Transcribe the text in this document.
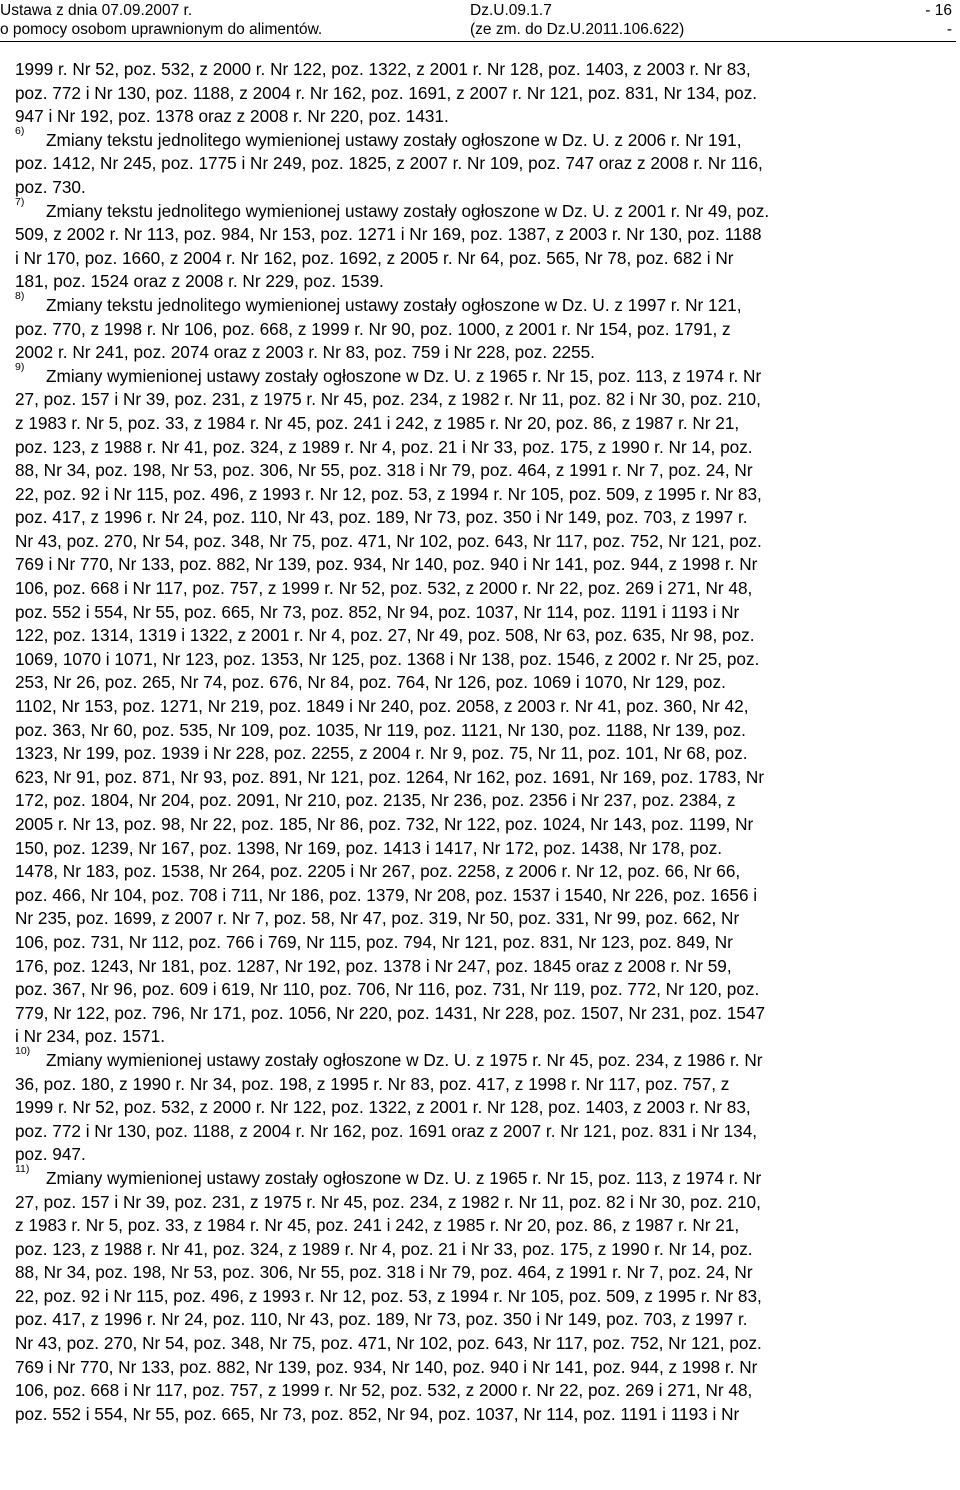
Ustawa z dnia 07.09.2007 r.
o pomocy osobom uprawnionym do alimentów.
Dz.U.09.1.7
(ze zm. do Dz.U.2011.106.622)
- 16
-
1999 r. Nr 52, poz. 532, z 2000 r. Nr 122, poz. 1322, z 2001 r. Nr 128, poz. 1403, z 2003 r. Nr 83,
poz. 772 i Nr 130, poz. 1188, z 2004 r. Nr 162, poz. 1691, z 2007 r. Nr 121, poz. 831, Nr 134, poz.
947 i Nr 192, poz. 1378 oraz z 2008 r. Nr 220, poz. 1431.
6)	Zmiany tekstu jednolitego wymienionej ustawy zostały ogłoszone w Dz. U. z 2006 r. Nr 191,
poz. 1412, Nr 245, poz. 1775 i Nr 249, poz. 1825, z 2007 r. Nr 109, poz. 747 oraz z 2008 r. Nr 116,
poz. 730.
7)	Zmiany tekstu jednolitego wymienionej ustawy zostały ogłoszone w Dz. U. z 2001 r. Nr 49, poz.
509, z 2002 r. Nr 113, poz. 984, Nr 153, poz. 1271 i Nr 169, poz. 1387, z 2003 r. Nr 130, poz. 1188
i Nr 170, poz. 1660, z 2004 r. Nr 162, poz. 1692, z 2005 r. Nr 64, poz. 565, Nr 78, poz. 682 i Nr
181, poz. 1524 oraz z 2008 r. Nr 229, poz. 1539.
8)	Zmiany tekstu jednolitego wymienionej ustawy zostały ogłoszone w Dz. U. z 1997 r. Nr 121,
poz. 770, z 1998 r. Nr 106, poz. 668, z 1999 r. Nr 90, poz. 1000, z 2001 r. Nr 154, poz. 1791, z
2002 r. Nr 241, poz. 2074 oraz z 2003 r. Nr 83, poz. 759 i Nr 228, poz. 2255.
9)	Zmiany wymienionej ustawy zostały ogłoszone w Dz. U. z 1965 r. Nr 15, poz. 113, z 1974 r. Nr
27, poz. 157 i Nr 39, poz. 231, z 1975 r. Nr 45, poz. 234, z 1982 r. Nr 11, poz. 82 i Nr 30, poz. 210,
z 1983 r. Nr 5, poz. 33, z 1984 r. Nr 45, poz. 241 i 242, z 1985 r. Nr 20, poz. 86, z 1987 r. Nr 21,
poz. 123, z 1988 r. Nr 41, poz. 324, z 1989 r. Nr 4, poz. 21 i Nr 33, poz. 175, z 1990 r. Nr 14, poz.
88, Nr 34, poz. 198, Nr 53, poz. 306, Nr 55, poz. 318 i Nr 79, poz. 464, z 1991 r. Nr 7, poz. 24, Nr
22, poz. 92 i Nr 115, poz. 496, z 1993 r. Nr 12, poz. 53, z 1994 r. Nr 105, poz. 509, z 1995 r. Nr 83,
poz. 417, z 1996 r. Nr 24, poz. 110, Nr 43, poz. 189, Nr 73, poz. 350 i Nr 149, poz. 703, z 1997 r.
Nr 43, poz. 270, Nr 54, poz. 348, Nr 75, poz. 471, Nr 102, poz. 643, Nr 117, poz. 752, Nr 121, poz.
769 i Nr 770, Nr 133, poz. 882, Nr 139, poz. 934, Nr 140, poz. 940 i Nr 141, poz. 944, z 1998 r. Nr
106, poz. 668 i Nr 117, poz. 757, z 1999 r. Nr 52, poz. 532, z 2000 r. Nr 22, poz. 269 i 271, Nr 48,
poz. 552 i 554, Nr 55, poz. 665, Nr 73, poz. 852, Nr 94, poz. 1037, Nr 114, poz. 1191 i 1193 i Nr
122, poz. 1314, 1319 i 1322, z 2001 r. Nr 4, poz. 27, Nr 49, poz. 508, Nr 63, poz. 635, Nr 98, poz.
1069, 1070 i 1071, Nr 123, poz. 1353, Nr 125, poz. 1368 i Nr 138, poz. 1546, z 2002 r. Nr 25, poz.
253, Nr 26, poz. 265, Nr 74, poz. 676, Nr 84, poz. 764, Nr 126, poz. 1069 i 1070, Nr 129, poz.
1102, Nr 153, poz. 1271, Nr 219, poz. 1849 i Nr 240, poz. 2058, z 2003 r. Nr 41, poz. 360, Nr 42,
poz. 363, Nr 60, poz. 535, Nr 109, poz. 1035, Nr 119, poz. 1121, Nr 130, poz. 1188, Nr 139, poz.
1323, Nr 199, poz. 1939 i Nr 228, poz. 2255, z 2004 r. Nr 9, poz. 75, Nr 11, poz. 101, Nr 68, poz.
623, Nr 91, poz. 871, Nr 93, poz. 891, Nr 121, poz. 1264, Nr 162, poz. 1691, Nr 169, poz. 1783, Nr
172, poz. 1804, Nr 204, poz. 2091, Nr 210, poz. 2135, Nr 236, poz. 2356 i Nr 237, poz. 2384, z
2005 r. Nr 13, poz. 98, Nr 22, poz. 185, Nr 86, poz. 732, Nr 122, poz. 1024, Nr 143, poz. 1199, Nr
150, poz. 1239, Nr 167, poz. 1398, Nr 169, poz. 1413 i 1417, Nr 172, poz. 1438, Nr 178, poz.
1478, Nr 183, poz. 1538, Nr 264, poz. 2205 i Nr 267, poz. 2258, z 2006 r. Nr 12, poz. 66, Nr 66,
poz. 466, Nr 104, poz. 708 i 711, Nr 186, poz. 1379, Nr 208, poz. 1537 i 1540, Nr 226, poz. 1656 i
Nr 235, poz. 1699, z 2007 r. Nr 7, poz. 58, Nr 47, poz. 319, Nr 50, poz. 331, Nr 99, poz. 662, Nr
106, poz. 731, Nr 112, poz. 766 i 769, Nr 115, poz. 794, Nr 121, poz. 831, Nr 123, poz. 849, Nr
176, poz. 1243, Nr 181, poz. 1287, Nr 192, poz. 1378 i Nr 247, poz. 1845 oraz z 2008 r. Nr 59,
poz. 367, Nr 96, poz. 609 i 619, Nr 110, poz. 706, Nr 116, poz. 731, Nr 119, poz. 772, Nr 120, poz.
779, Nr 122, poz. 796, Nr 171, poz. 1056, Nr 220, poz. 1431, Nr 228, poz. 1507, Nr 231, poz. 1547
i Nr 234, poz. 1571.
10) Zmiany wymienionej ustawy zostały ogłoszone w Dz. U. z 1975 r. Nr 45, poz. 234, z 1986 r. Nr
36, poz. 180, z 1990 r. Nr 34, poz. 198, z 1995 r. Nr 83, poz. 417, z 1998 r. Nr 117, poz. 757, z
1999 r. Nr 52, poz. 532, z 2000 r. Nr 122, poz. 1322, z 2001 r. Nr 128, poz. 1403, z 2003 r. Nr 83,
poz. 772 i Nr 130, poz. 1188, z 2004 r. Nr 162, poz. 1691 oraz z 2007 r. Nr 121, poz. 831 i Nr 134,
poz. 947.
11) Zmiany wymienionej ustawy zostały ogłoszone w Dz. U. z 1965 r. Nr 15, poz. 113, z 1974 r. Nr
27, poz. 157 i Nr 39, poz. 231, z 1975 r. Nr 45, poz. 234, z 1982 r. Nr 11, poz. 82 i Nr 30, poz. 210,
z 1983 r. Nr 5, poz. 33, z 1984 r. Nr 45, poz. 241 i 242, z 1985 r. Nr 20, poz. 86, z 1987 r. Nr 21,
poz. 123, z 1988 r. Nr 41, poz. 324, z 1989 r. Nr 4, poz. 21 i Nr 33, poz. 175, z 1990 r. Nr 14, poz.
88, Nr 34, poz. 198, Nr 53, poz. 306, Nr 55, poz. 318 i Nr 79, poz. 464, z 1991 r. Nr 7, poz. 24, Nr
22, poz. 92 i Nr 115, poz. 496, z 1993 r. Nr 12, poz. 53, z 1994 r. Nr 105, poz. 509, z 1995 r. Nr 83,
poz. 417, z 1996 r. Nr 24, poz. 110, Nr 43, poz. 189, Nr 73, poz. 350 i Nr 149, poz. 703, z 1997 r.
Nr 43, poz. 270, Nr 54, poz. 348, Nr 75, poz. 471, Nr 102, poz. 643, Nr 117, poz. 752, Nr 121, poz.
769 i Nr 770, Nr 133, poz. 882, Nr 139, poz. 934, Nr 140, poz. 940 i Nr 141, poz. 944, z 1998 r. Nr
106, poz. 668 i Nr 117, poz. 757, z 1999 r. Nr 52, poz. 532, z 2000 r. Nr 22, poz. 269 i 271, Nr 48,
poz. 552 i 554, Nr 55, poz. 665, Nr 73, poz. 852, Nr 94, poz. 1037, Nr 114, poz. 1191 i 1193 i Nr
